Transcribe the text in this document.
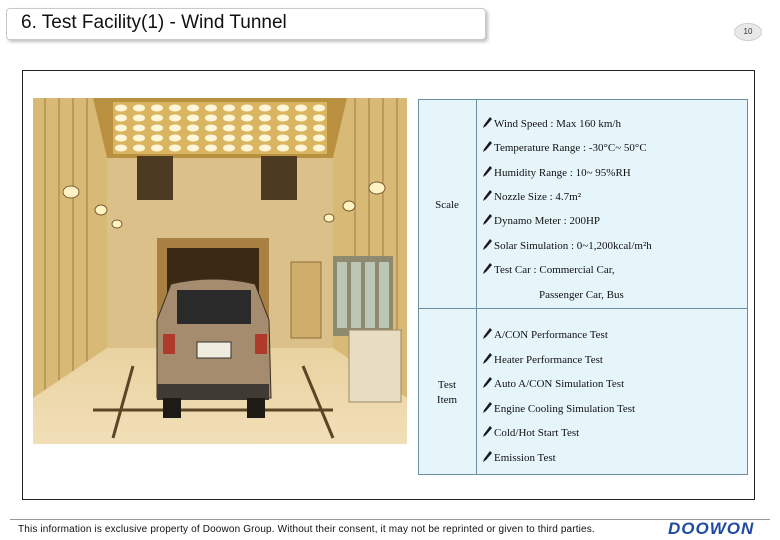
6. Test Facility(1) - Wind Tunnel	10
Scale
Wind Speed : Max 160 km/h
Temperature Range : -30°C~ 50°C
Humidity Range : 10~ 95%RH
Nozzle Size : 4.7m²
Dynamo Meter : 200HP
Solar Simulation : 0~1,200kcal/m²h
Test Car : Commercial Car,
Passenger Car, Bus
Test
Item
A/CON Performance Test
Heater Performance Test
Auto A/CON Simulation Test
Engine Cooling Simulation Test
Cold/Hot Start Test
Emission Test
This information is exclusive property of Doowon Group. Without their consent, it may not be reprinted or given to third parties.	DOOWON
